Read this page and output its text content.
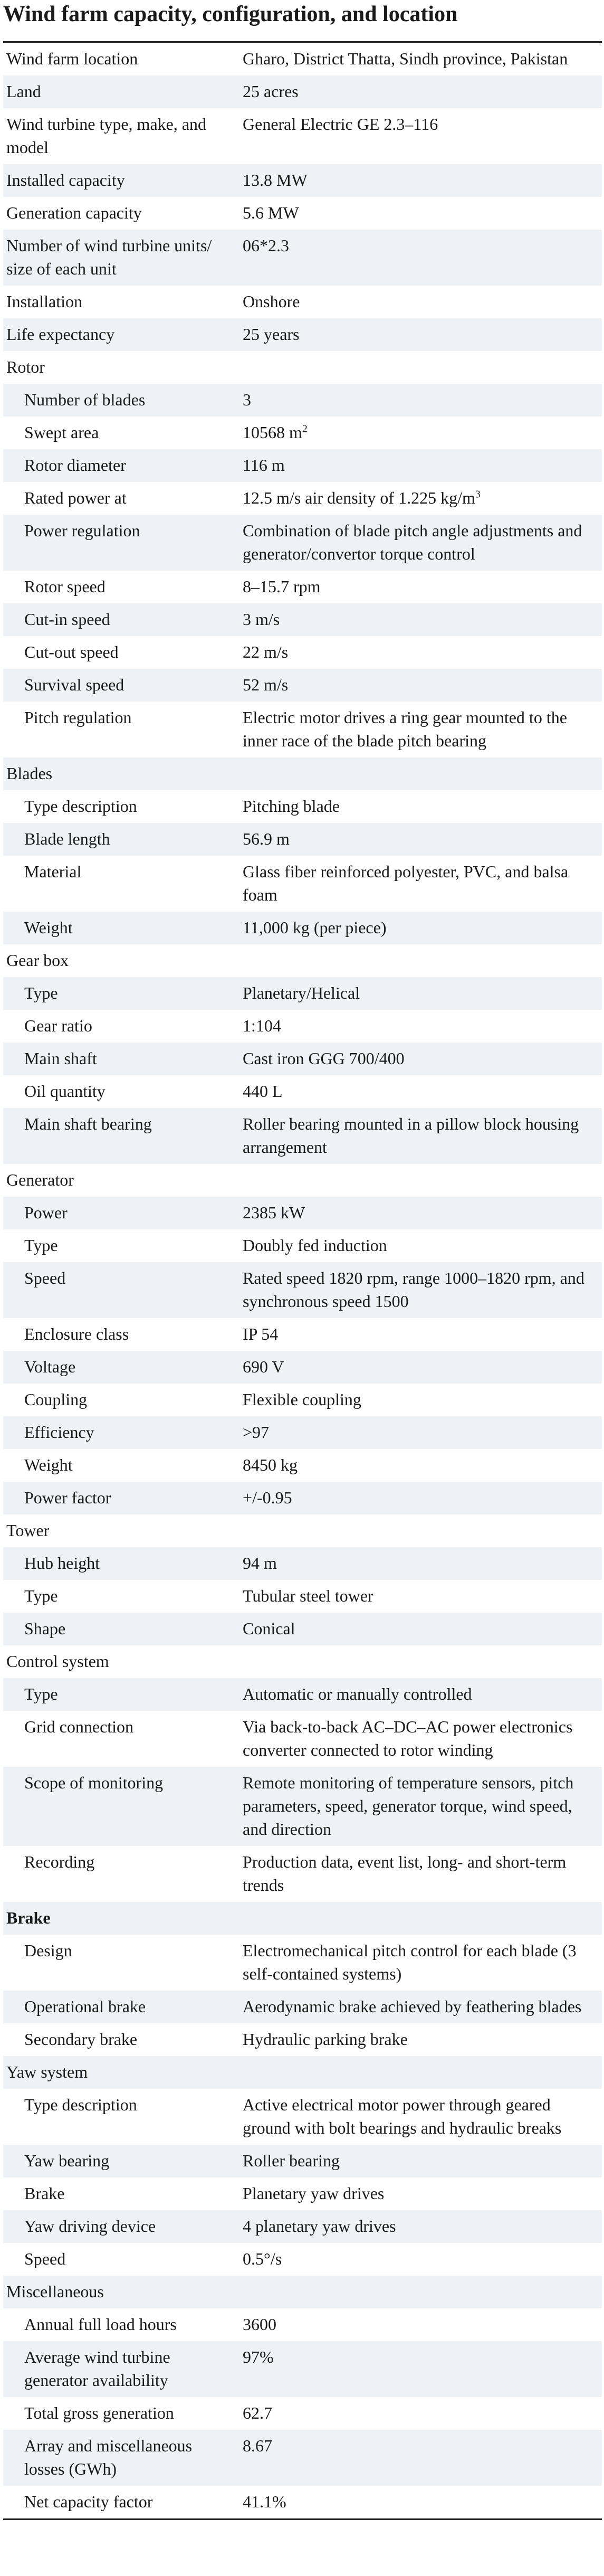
Wind farm capacity, configuration, and location
Wind farm location	Gharo, District Thatta, Sindh province, Pakistan
Land	25 acres
Wind turbine type, make, and model	General Electric GE 2.3–116
Installed capacity	13.8 MW
Generation capacity	5.6 MW
Number of wind turbine units/ size of each unit	06*2.3
Installation	Onshore
Life expectancy	25 years
Rotor	
Number of blades	3
Swept area	10568 $m^2$
Rotor diameter	116 m
Rated power at	12.5 m/s air density of 1.225 $kg/m^3$
Power regulation	Combination of blade pitch angle adjustments and generator/convertor torque control
Rotor speed	8–15.7 rpm
Cut-in speed	3 m/s
Cut-out speed	22 m/s
Survival speed	52 m/s
Pitch regulation	Electric motor drives a ring gear mounted to the inner race of the blade pitch bearing
Blades	
Type description	Pitching blade
Blade length	56.9 m
Material	Glass fiber reinforced polyester, PVC, and balsa foam
Weight	11,000 kg (per piece)
Gear box	
Type	Planetary/Helical
Gear ratio	1:104
Main shaft	Cast iron GGG 700/400
Oil quantity	440 L
Main shaft bearing	Roller bearing mounted in a pillow block housing arrangement
Generator	
Power	2385 kW
Type	Doubly fed induction
Speed	Rated speed 1820 rpm, range 1000–1820 rpm, and synchronous speed 1500
Enclosure class	IP 54
Voltage	690 V
Coupling	Flexible coupling
Efficiency	>97
Weight	8450 kg
Power factor	+/-0.95
Tower	
Hub height	94 m
Type	Tubular steel tower
Shape	Conical
Control system	
Type	Automatic or manually controlled
Grid connection	Via back-to-back AC–DC–AC power electronics converter connected to rotor winding
Scope of monitoring	Remote monitoring of temperature sensors, pitch parameters, speed, generator torque, wind speed, and direction
Recording	Production data, event list, long- and short-term trends
Brake	
Design	Electromechanical pitch control for each blade (3 self-contained systems)
Operational brake	Aerodynamic brake achieved by feathering blades
Secondary brake	Hydraulic parking brake
Yaw system	
Type description	Active electrical motor power through geared ground with bolt bearings and hydraulic breaks
Yaw bearing	Roller bearing
Brake	Planetary yaw drives
Yaw driving device	4 planetary yaw drives
Speed	0.5°/s
Miscellaneous	
Annual full load hours	3600
Average wind turbine generator availability	97%
Total gross generation	62.7
Array and miscellaneous losses (GWh)	8.67
Net capacity factor	41.1%
